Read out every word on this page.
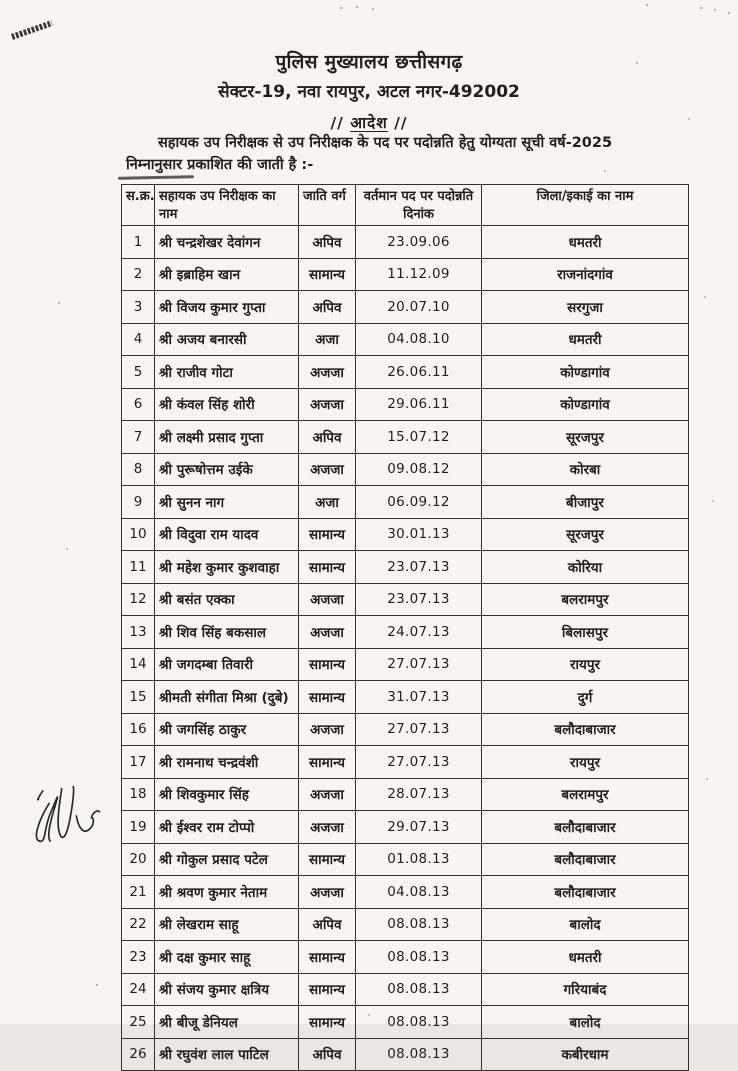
पुलिस मुख्यालय छत्तीसगढ़
सेक्टर-19, नवा रायपुर, अटल नगर-492002
// आदेश //
सहायक उप निरीक्षक से उप निरीक्षक के पद पर पदोन्नति हेतु योग्यता सूची वर्ष-2025
निम्नानुसार प्रकाशित की जाती है :-
स.क्र.	सहायक उप निरीक्षक का नाम	जाति वर्ग	वर्तमान पद पर पदोन्नति दिनांक	जिला/इकाई का नाम
1	श्री चन्द्रशेखर देवांगन	अपिव	23.09.06	धमतरी
2	श्री इब्राहिम खान	सामान्य	11.12.09	राजनांदगांव
3	श्री विजय कुमार गुप्ता	अपिव	20.07.10	सरगुजा
4	श्री अजय बनारसी	अजा	04.08.10	धमतरी
5	श्री राजीव गोटा	अजजा	26.06.11	कोण्डागांव
6	श्री कंवल सिंह शोरी	अजजा	29.06.11	कोण्डागांव
7	श्री लक्ष्मी प्रसाद गुप्ता	अपिव	15.07.12	सूरजपुर
8	श्री पुरूषोत्तम उईके	अजजा	09.08.12	कोरबा
9	श्री सुनन नाग	अजा	06.09.12	बीजापुर
10	श्री विदुवा राम यादव	सामान्य	30.01.13	सूरजपुर
11	श्री महेश कुमार कुशवाहा	सामान्य	23.07.13	कोरिया
12	श्री बसंत एक्का	अजजा	23.07.13	बलरामपुर
13	श्री शिव सिंह बकसाल	अजजा	24.07.13	बिलासपुर
14	श्री जगदम्बा तिवारी	सामान्य	27.07.13	रायपुर
15	श्रीमती संगीता मिश्रा (दुबे)	सामान्य	31.07.13	दुर्ग
16	श्री जगसिंह ठाकुर	अजजा	27.07.13	बलौदाबाजार
17	श्री रामनाथ चन्द्रवंशी	सामान्य	27.07.13	रायपुर
18	श्री शिवकुमार सिंह	अजजा	28.07.13	बलरामपुर
19	श्री ईश्वर राम टोप्पो	अजजा	29.07.13	बलौदाबाजार
20	श्री गोकुल प्रसाद पटेल	सामान्य	01.08.13	बलौदाबाजार
21	श्री श्रवण कुमार नेताम	अजजा	04.08.13	बलौदाबाजार
22	श्री लेखराम साहू	अपिव	08.08.13	बालोद
23	श्री दक्ष कुमार साहू	सामान्य	08.08.13	धमतरी
24	श्री संजय कुमार क्षत्रिय	सामान्य	08.08.13	गरियाबंद
25	श्री बीजू डेनियल	सामान्य	08.08.13	बालोद
26	श्री रघुवंश लाल पाटिल	अपिव	08.08.13	कबीरधाम
